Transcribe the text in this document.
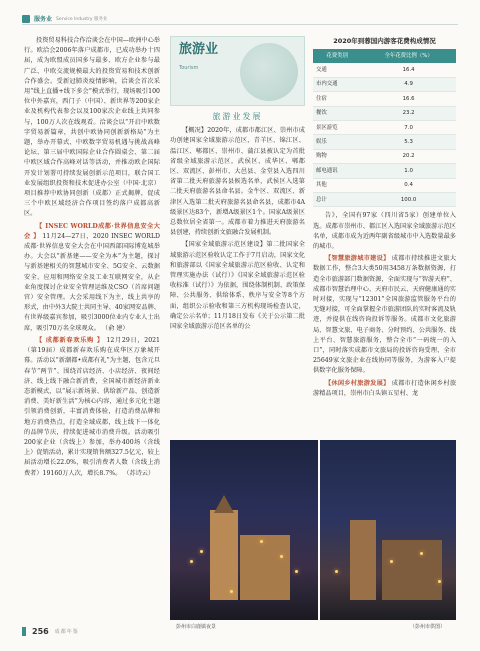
服务业 Service Industry 服务业

投资贸易科技合作洽谈会在中国—欧洲中心举行。欧洽会2006年落户成都市，已成功举办十四届，成为欧盟成员国多与最多、欧方企业参与最广泛、中欧交流规模最大的投资贸易和技术创新合作盛会。受新冠肺炎疫情影响，洽谈会首次采用“线上直播+线下多会”模式举行，现场吸引100位中外嘉宾，西门子（中国）、新世界等200家企业及机构代表参会以及100家次企业线上共同参与，100万人次在线观看。洽谈会以“开启中欧数字贸易新篇章，共创中欧协同创新新格局”为主题，举办开幕式、中欧数字贸易机遇与挑战高峰论坛、第三届中欧国际企业合作圆桌会、第二届中欧区域合作高峰对话等活动，并推动欧企国际开发计划署可持续发展创新示范项目，联合国工业发展组织投资和技术促进办公室（中国·北京）项目推荐中欧协同创新（成都）正式揭牌，促成三个中欧区域经济合作项目签约落户成都高新区。

【 INSEC WORLD成都·世界信息安全大会 】 11月24—27日，2020 INSEC WORLD成都·世界信息安全大会在中国西部国际博览城举办。大会以“新基建——安全为本”为主题，探讨与新基建相关的智慧城市安全、5G安全、云数据安全、应用和网络安全及工业互联网安全，从企业角度探讨企业安全管理运维及CSO（首席问题官）安全管理。大会采用线下为主，线上共享的形式，由中外3大院士共同主导、40家网安品牌、有世界级嘉宾参加，吸引3000位业内专业人士出席，吸引70万名全球观众。 （俞 建）

【 成都新春欢乐购 】 12月29日，2021（第19届）成都新春欢乐购在成华区万象城开幕。活动以“新潮都•成都有礼”为主题，包含元旦春节“两节”、围绕首店经济、小店经济、夜间经济、线上线下融合新消费，全国城市新经济新业态新模式，以“展示新场景、供给新产品、创造新消费、美好新生活”为核心内容，通过多元化主题引领消费创新，丰富消费体验，打造消费品牌和地方消费热点，打造全域成都，线上线下一体化的品牌节庆，持续促进城市消费升级。活动吸引200家企业（含线上）参加，举办400场（含线上）促销活动，累计实现销售额327.5亿元，较上届活动增长22.0%，吸引消费者人数（含线上消费者）19160万人次，增长8.7%。 （苏诗云）

旅游业
Tourism
旅游业发展

【概况】2020年，成都市都江区、崇州市成功创建国家全域旅游示范区，青羊区、锦江区、温江区、郫都区、崇州市、蒲江县被认定为首批省级全域旅游示范区，武侯区、成华区、郫都区、双流区、彭州市、大邑县、金堂县入选四川省第二批天府旅游名县候选名单，武侯区入选第二批天府旅游名县命名县。金牛区、双流区、新津区入选第二批天府旅游名县命名县，成都市4A级景区达83个，新增A级景区1个。国家A级景区总数位居全省第一。成都市着力推进天府旅游名县创建，持续创新文旅融合发展机制。

【国家全域旅游示范区建设】第二批国家全域旅游示范区验收认定工作于7月启动，国家文化和旅游部以《国家全域旅游示范区验收、认定和管理实施办法（试行）》《国家全域旅游示范区验收标准（试行）》为依据，围绕体制机制、政策保障、公共服务、供给体系、秩序与安全等8个方面，组织公示验收和第三方机构现场检查认定，确定公示名单；11月18日发布《关于公示第二批国家全域旅游示范区名单的公

2020年到蓉国内游客花费构成情况
花费类别	全年花费比例（%）
交通	16.4
市内交通	4.9
住宿	16.6
餐饮	23.2
景区游览	7.0
娱乐	5.3
购物	20.2
邮电通讯	1.0
其他	0.4
总计	100.0

告》，全国有97家（四川省5家）创建单位入选。成都市崇州市、都江区入选国家全域旅游示范区名单，成都市成为近两年副省级城市中入选数量最多的城市。

【智慧旅游城市建设】 成都市持续推进文旅大数据工作，整合3大类50用3458万条数据资源，打造全市旅游部门数据资源，全面实现与“智游天府”、成都市智慧治理中心、天府市民云、天府健康通的实时对接，实现与“12301”全国旅游监管服务平台的无缝对接，可全面掌握全市旅游团队的实时客流及轨迹，并提供在线咨询投诉等服务。成都市文化旅游局、智慧文旅、电子商务、分时预约、公共服务、线上平台、智慧旅游服务，整合全市“一码统一的入口”，同时落实成都市文旅局的投诉咨询受理、全市25649家文旅企业在线协同等服务，为游客入户提供数字化服务保障。

【休闲乡村旅游发展】 成都市打造休闲乡村旅游精品项目，崇州市白头镇五星村、龙

彭州市白鹿镇夜景	（彭州市供图）
256 成都年鉴
